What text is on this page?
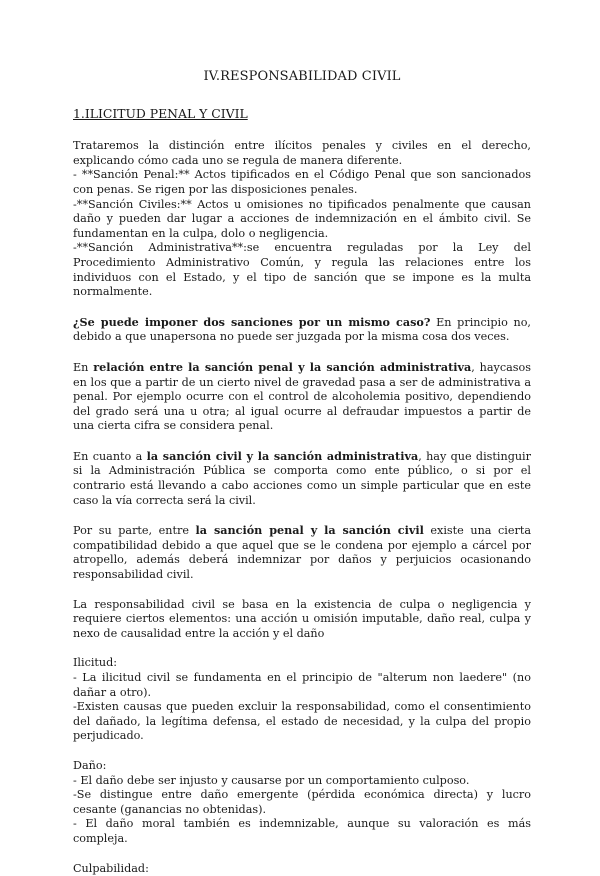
IV.RESPONSABILIDAD CIVIL
1.ILICITUD PENAL Y CIVIL

Trataremos la distinción entre ilícitos penales y civiles en el derecho, explicando cómo cada uno se regula de manera diferente.

- **Sanción Penal:** Actos tipificados en el Código Penal que son sancionados con penas. Se rigen por las disposiciones penales.

-**Sanción Civiles:** Actos u omisiones no tipificados penalmente que causan daño y pueden dar lugar a acciones de indemnización en el ámbito civil. Se fundamentan en la culpa, dolo o negligencia.

-**Sanción Administrativa**:se encuentra reguladas por la Ley del Procedimiento Administrativo Común, y regula las relaciones entre los individuos con el Estado, y el tipo de sanción que se impone es la multa normalmente.

¿Se puede imponer dos sanciones por un mismo caso? En principio no, debido a que unapersona no puede ser juzgada por la misma cosa dos veces.

En relación entre la sanción penal y la sanción administrativa, haycasos en los que a partir de un cierto nivel de gravedad pasa a ser de administrativa a penal. Por ejemplo ocurre con el control de alcoholemia positivo, dependiendo del grado será una u otra; al igual ocurre al defraudar impuestos a partir de una cierta cifra se considera penal.

En cuanto a la sanción civil y la sanción administrativa, hay que distinguir si la Administración Pública se comporta como ente público, o si por el contrario está llevando a cabo acciones como un simple particular que en este caso la vía correcta será la civil.

Por su parte, entre la sanción penal y la sanción civil existe una cierta compatibilidad debido a que aquel que se le condena por ejemplo a cárcel por atropello, además deberá indemnizar por daños y perjuicios ocasionando responsabilidad civil.

La responsabilidad civil se basa en la existencia de culpa o negligencia y requiere ciertos elementos: una acción u omisión imputable, daño real, culpa y nexo de causalidad entre la acción y el daño

Ilicitud:

- La ilicitud civil se fundamenta en el principio de "alterum non laedere" (no dañar a otro).

-Existen causas que pueden excluir la responsabilidad, como el consentimiento del dañado, la legítima defensa, el estado de necesidad, y la culpa del propio perjudicado.

Daño:

- El daño debe ser injusto y causarse por un comportamiento culposo.

-Se distingue entre daño emergente (pérdida económica directa) y lucro cesante (ganancias no obtenidas).

- El daño moral también es indemnizable, aunque su valoración es más compleja.

Culpabilidad:
